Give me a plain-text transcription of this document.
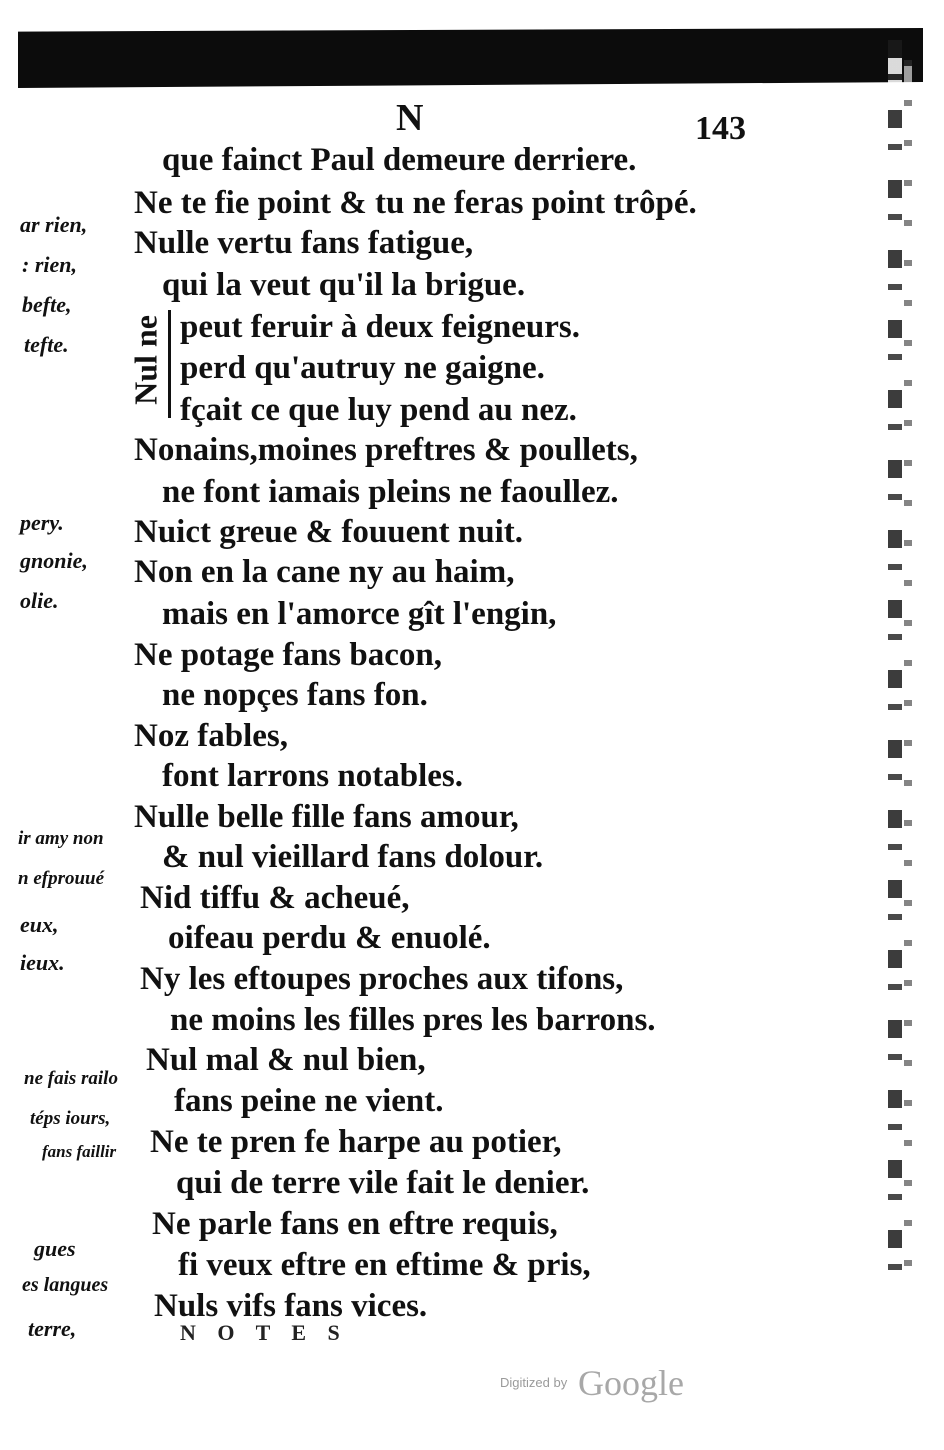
N	143
que fainct Paul demeure derriere.
Ne te fie point & tu ne feras point trôpé.
Nulle vertu fans fatigue,
qui la veut qu'il la brigue.
peut feruir à deux feigneurs.
perd qu'autruy ne gaigne.
fçait ce que luy pend au nez.
Nonains,moines preftres & poullets,
ne font iamais pleins ne faoullez.
Nuict greue & fouuent nuit.
Non en la cane ny au haim,
mais en l'amorce gît l'engin,
Ne potage fans bacon,
ne nopçes fans fon.
Noz fables,
font larrons notables.
Nulle belle fille fans amour,
& nul vieillard fans dolour.
Nid tiffu & acheué,
oifeau perdu & enuolé.
Ny les eftoupes proches aux tifons,
ne moins les filles pres les barrons.
Nul mal & nul bien,
fans peine ne vient.
Ne te pren fe harpe au potier,
qui de terre vile fait le denier.
Ne parle fans en eftre requis,
fi veux eftre en eftime & pris,
Nuls vifs fans vices.
Nul ne
ar rien,
: rien,
befte,
tefte.
pery.
gnonie,
olie.
ir amy non
n efprouué
eux,
ieux.
ne fais railo
téps iours,
fans faillir
gues
es langues
terre,	N O T E S
Digitized by Google
